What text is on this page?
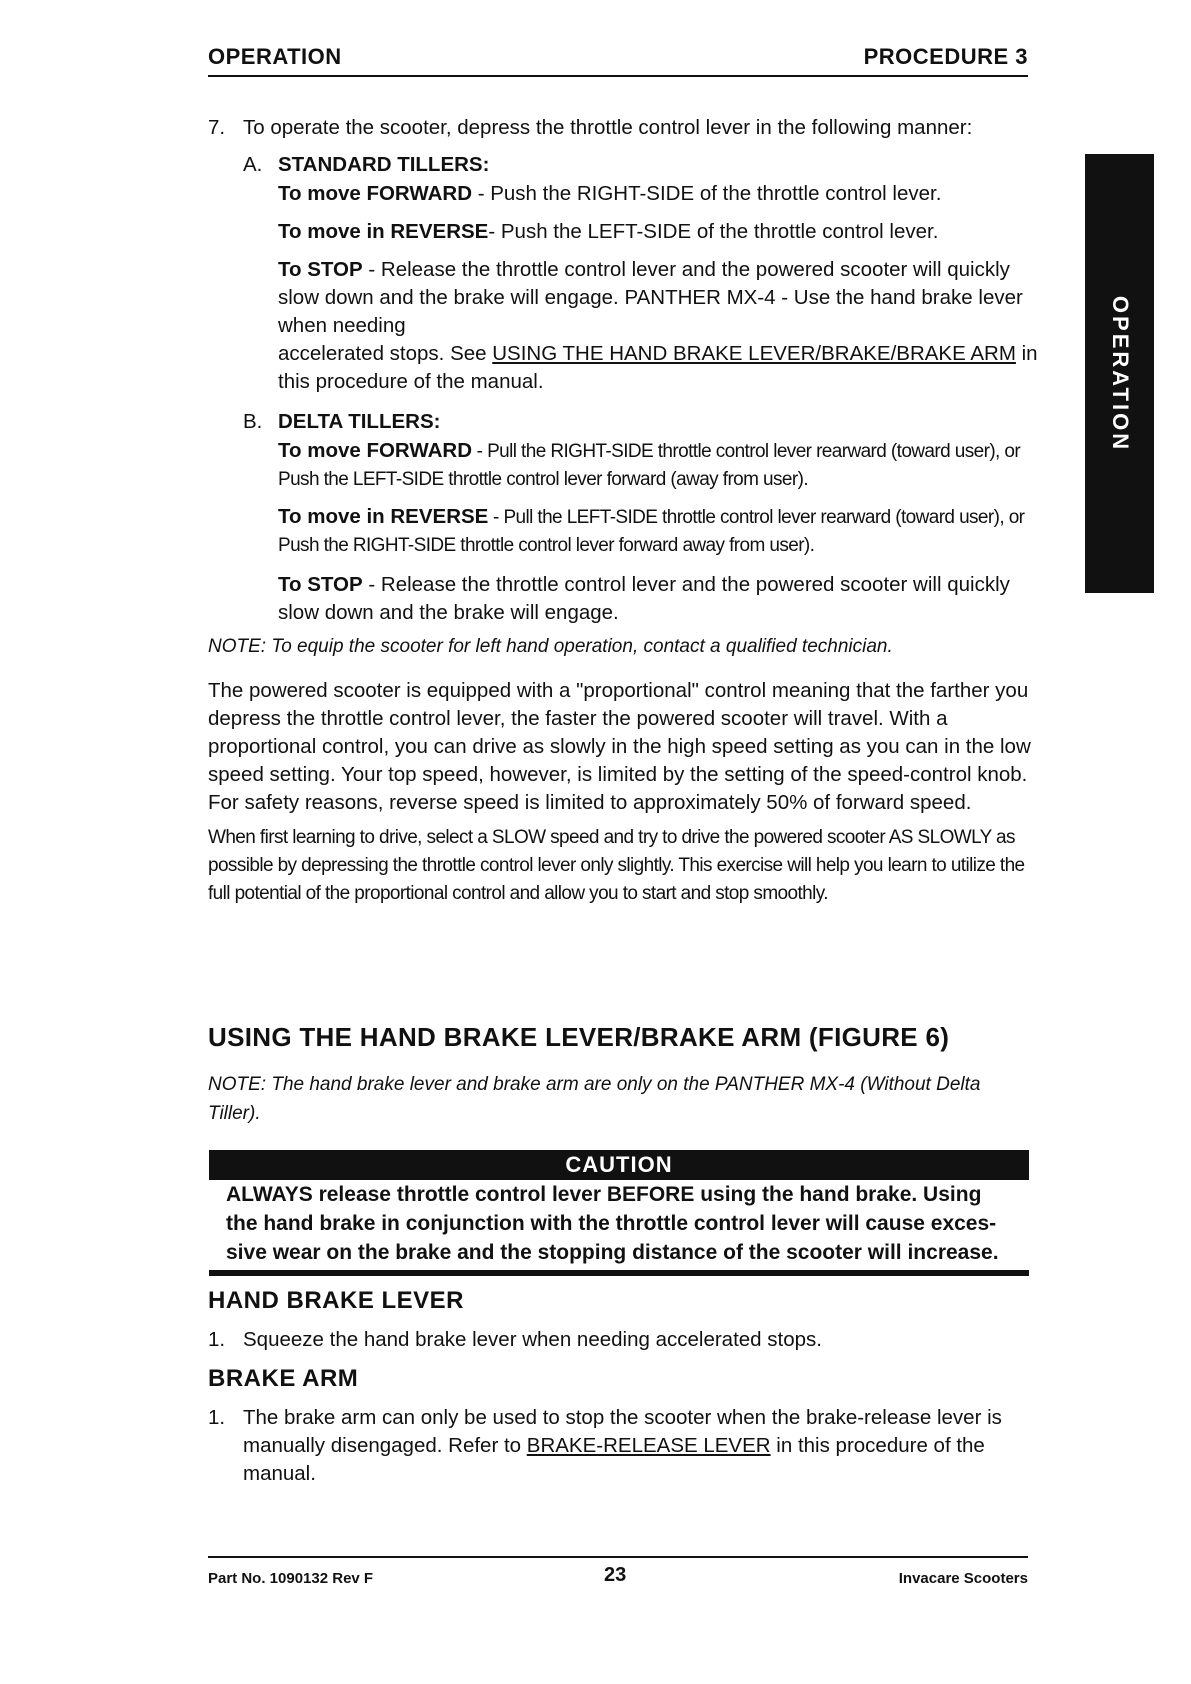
OPERATION	PROCEDURE 3
OPERATION
7. To operate the scooter, depress the throttle control lever in the following manner:
A. STANDARD TILLERS:
To move FORWARD - Push the RIGHT-SIDE of the throttle control lever.
To move in REVERSE- Push the LEFT-SIDE of the throttle control lever.
To STOP - Release the throttle control lever and the powered scooter will quickly slow down and the brake will engage. PANTHER MX-4 - Use the hand brake lever when needing
accelerated stops. See USING THE HAND BRAKE LEVER/BRAKE/BRAKE ARM in this procedure of the manual.
B. DELTA TILLERS:
To move FORWARD - Pull the RIGHT-SIDE throttle control lever rearward (toward user), or Push the LEFT-SIDE throttle control lever forward (away from user).
To move in REVERSE - Pull the LEFT-SIDE throttle control lever rearward (toward user), or Push the RIGHT-SIDE throttle control lever forward away from user).
To STOP - Release the throttle control lever and the powered scooter will quickly slow down and the brake will engage.
NOTE: To equip the scooter for left hand operation, contact a qualified technician.
The powered scooter is equipped with a "proportional" control meaning that the farther you depress the throttle control lever, the faster the powered scooter will travel. With a proportional control, you can drive as slowly in the high speed setting as you can in the low speed setting. Your top speed, however, is limited by the setting of the speed-control knob. For safety reasons, reverse speed is limited to approximately 50% of forward speed.
When first learning to drive, select a SLOW speed and try to drive the powered scooter AS SLOWLY as possible by depressing the throttle control lever only slightly. This exercise will help you learn to utilize the full potential of the proportional control and allow you to start and stop smoothly.
USING THE HAND BRAKE LEVER/BRAKE ARM (FIGURE 6)
NOTE: The hand brake lever and brake arm are only on the PANTHER MX-4 (Without Delta Tiller).
CAUTION
ALWAYS release throttle control lever BEFORE using the hand brake. Using the hand brake in conjunction with the throttle control lever will cause exces-sive wear on the brake and the stopping distance of the scooter will increase.
HAND BRAKE LEVER
1. Squeeze the hand brake lever when needing accelerated stops.
BRAKE ARM
1. The brake arm can only be used to stop the scooter when the brake-release lever is manually disengaged. Refer to BRAKE-RELEASE LEVER in this procedure of the manual.
Part No. 1090132 Rev F	23	Invacare Scooters
